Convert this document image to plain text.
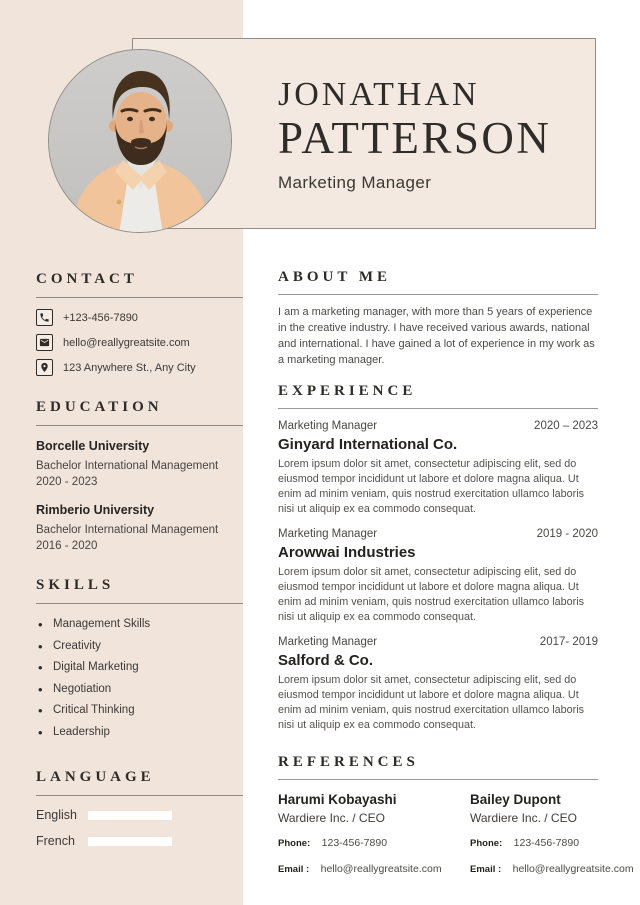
JONATHAN
PATTERSON
Marketing Manager
CONTACT
+123-456-7890
hello@reallygreatsite.com
123 Anywhere St., Any City
EDUCATION
Borcelle University
Bachelor International Management
2020 - 2023
Rimberio University
Bachelor International Management
2016 - 2020
SKILLS
• Management Skills
• Creativity
• Digital Marketing
• Negotiation
• Critical Thinking
• Leadership
LANGUAGE
English
French
ABOUT ME

I am a marketing manager, with more than 5 years of experience in the creative industry. I have received various awards, national and international. I have gained a lot of experience in my work as a marketing manager.

EXPERIENCE
Marketing Manager	2020 – 2023
Ginyard International Co.

Lorem ipsum dolor sit amet, consectetur adipiscing elit, sed do eiusmod tempor incididunt ut labore et dolore magna aliqua. Ut enim ad minim veniam, quis nostrud exercitation ullamco laboris nisi ut aliquip ex ea commodo consequat.

Marketing Manager	2019 - 2020
Arowwai Industries

Lorem ipsum dolor sit amet, consectetur adipiscing elit, sed do eiusmod tempor incididunt ut labore et dolore magna aliqua. Ut enim ad minim veniam, quis nostrud exercitation ullamco laboris nisi ut aliquip ex ea commodo consequat.

Marketing Manager	2017- 2019
Salford & Co.

Lorem ipsum dolor sit amet, consectetur adipiscing elit, sed do eiusmod tempor incididunt ut labore et dolore magna aliqua. Ut enim ad minim veniam, quis nostrud exercitation ullamco laboris nisi ut aliquip ex ea commodo consequat.

REFERENCES
Harumi Kobayashi
Wardiere Inc. / CEO
Phone: 123-456-7890
Email : hello@reallygreatsite.com
Bailey Dupont
Wardiere Inc. / CEO
Phone: 123-456-7890
Email : hello@reallygreatsite.com
